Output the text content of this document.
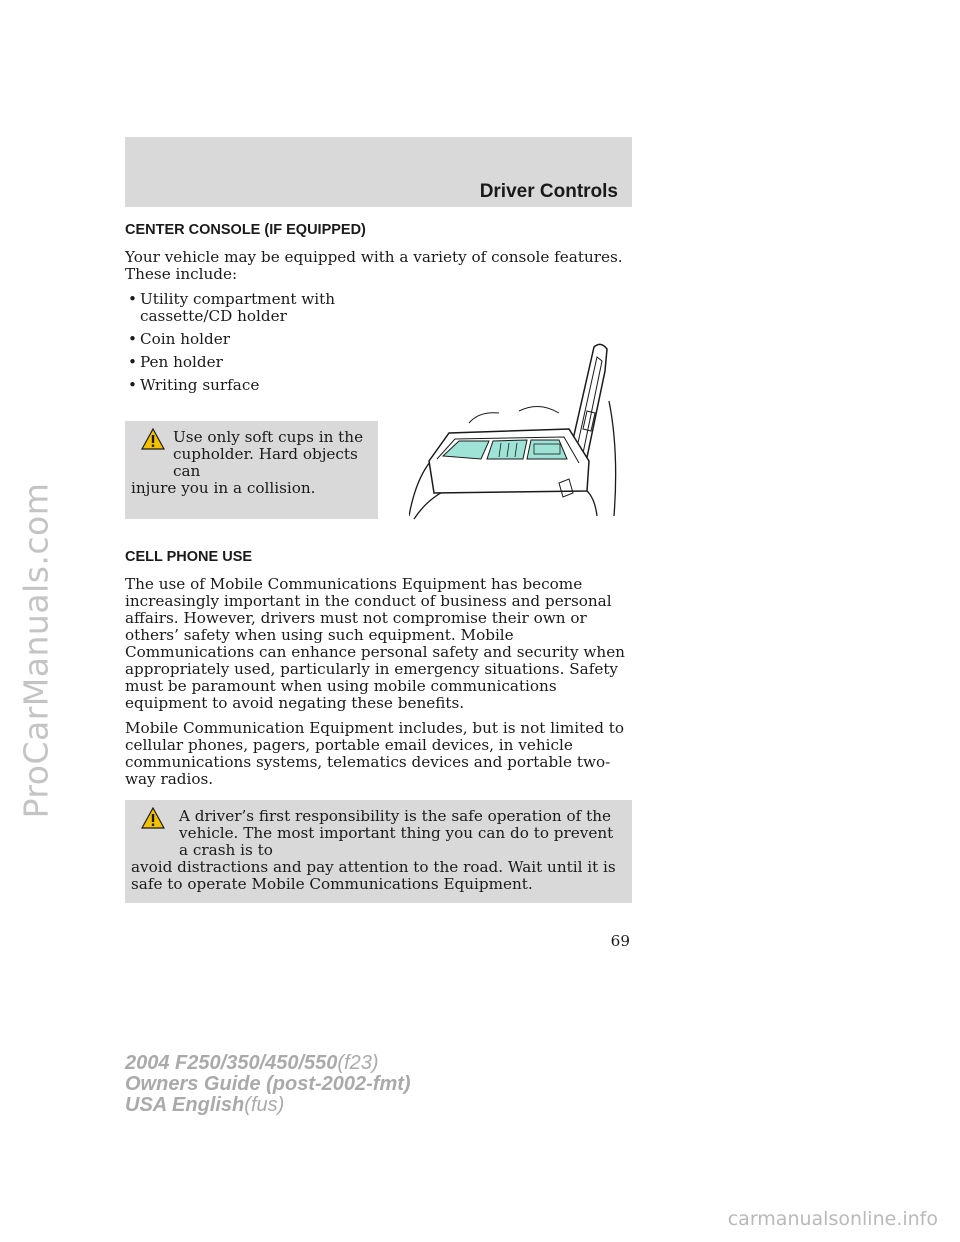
ProCarManuals.com
Driver Controls
CENTER CONSOLE (IF EQUIPPED)

Your vehicle may be equipped with a variety of console features. These include:

• Utility compartment with cassette/CD holder
• Coin holder
• Pen holder
• Writing surface
Use only soft cups in the
cupholder. Hard objects can
injure you in a collision.
CELL PHONE USE

The use of Mobile Communications Equipment has become increasingly important in the conduct of business and personal affairs. However, drivers must not compromise their own or others’ safety when using such equipment. Mobile Communications can enhance personal safety and security when appropriately used, particularly in emergency situations. Safety must be paramount when using mobile communications equipment to avoid negating these benefits.

Mobile Communication Equipment includes, but is not limited to cellular phones, pagers, portable email devices, in vehicle communications systems, telematics devices and portable two-way radios.

A driver’s first responsibility is the safe operation of the vehicle. The most important thing you can do to prevent a crash is to
avoid distractions and pay attention to the road. Wait until it is safe to operate Mobile Communications Equipment.
69
2004 F250/350/450/550(f23)
Owners Guide (post-2002-fmt)
USA English(fus)
carmanualsonline.info
